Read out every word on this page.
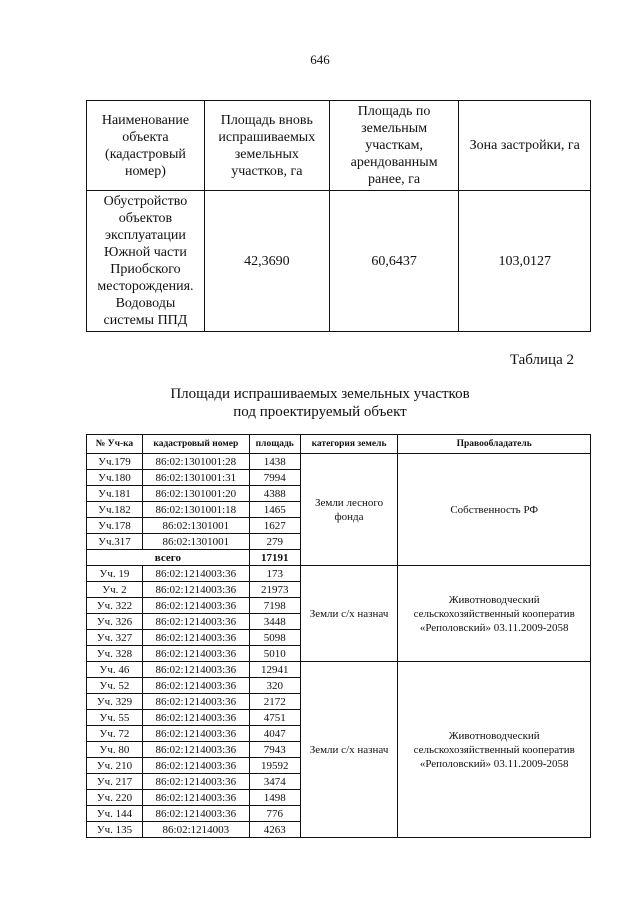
646
Наименование объекта (кадастровый номер)	Площадь вновь испрашиваемых земельных участков, га	Площадь по земельным участкам, арендованным ранее, га	Зона застройки, га
Обустройство объектов эксплуатации Южной части Приобского месторождения. Водоводы системы ППД	42,3690	60,6437	103,0127
Таблица 2
Площади испрашиваемых земельных участков
под проектируемый объект
№ Уч-ка	кадастровый номер	площадь	категория земель	Правообладатель
Уч.179	86:02:1301001:28	1438	Земли лесного фонда	Собственность РФ
Уч.180	86:02:1301001:31	7994		
Уч.181	86:02:1301001:20	4388		
Уч.182	86:02:1301001:18	1465		
Уч.178	86:02:1301001	1627		
Уч.317	86:02:1301001	279		
всего		17191		
Уч. 19	86:02:1214003:36	173	Земли с/х назнач	Животноводческий сельскохозяйственный кооператив «Реполовский» 03.11.2009-2058
Уч. 2	86:02:1214003:36	21973		
Уч. 322	86:02:1214003:36	7198		
Уч. 326	86:02:1214003:36	3448		
Уч. 327	86:02:1214003:36	5098		
Уч. 328	86:02:1214003:36	5010		
Уч. 46	86:02:1214003:36	12941	Земли с/х назнач	Животноводческий сельскохозяйственный кооператив «Реполовский» 03.11.2009-2058
Уч. 52	86:02:1214003:36	320		
Уч. 329	86:02:1214003:36	2172		
Уч. 55	86:02:1214003:36	4751		
Уч. 72	86:02:1214003:36	4047		
Уч. 80	86:02:1214003:36	7943		
Уч. 210	86:02:1214003:36	19592		
Уч. 217	86:02:1214003:36	3474		
Уч. 220	86:02:1214003:36	1498		
Уч. 144	86:02:1214003:36	776		
Уч. 135	86:02:1214003	4263		
